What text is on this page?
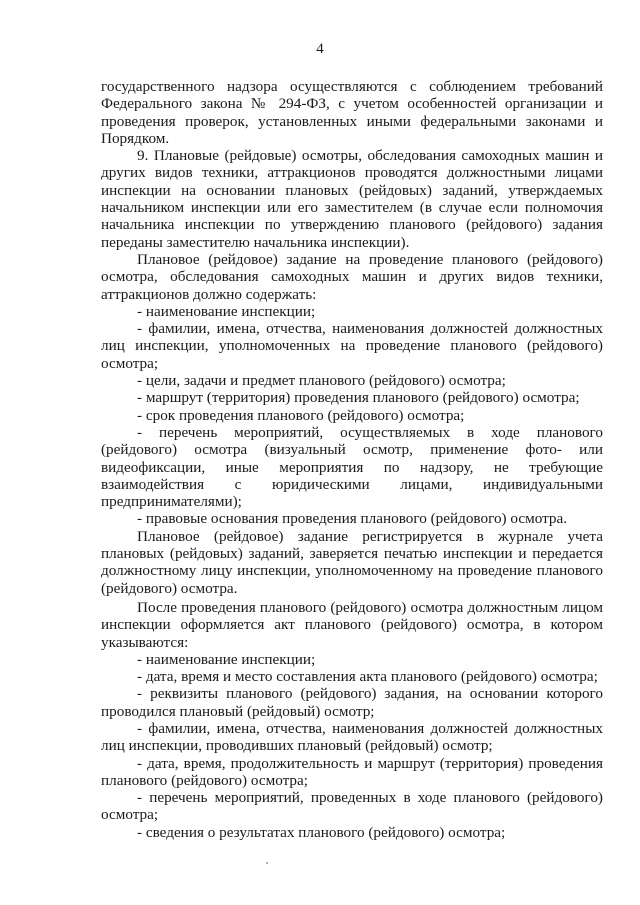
4

государственного надзора осуществляются с соблюдением требований Федерального закона № 294-ФЗ, с учетом особенностей организации и проведения проверок, установленных иными федеральными законами и Порядком.

9. Плановые (рейдовые) осмотры, обследования самоходных машин и других видов техники, аттракционов проводятся должностными лицами инспекции на основании плановых (рейдовых) заданий, утверждаемых начальником инспекции или его заместителем (в случае если полномочия начальника инспекции по утверждению планового (рейдового) задания переданы заместителю начальника инспекции).

Плановое (рейдовое) задание на проведение планового (рейдового) осмотра, обследования самоходных машин и других видов техники, аттракционов должно содержать:

- наименование инспекции;

- фамилии, имена, отчества, наименования должностей должностных лиц инспекции, уполномоченных на проведение планового (рейдового) осмотра;

- цели, задачи и предмет планового (рейдового) осмотра;

- маршрут (территория) проведения планового (рейдового) осмотра;

- срок проведения планового (рейдового) осмотра;

- перечень мероприятий, осуществляемых в ходе планового (рейдового) осмотра (визуальный осмотр, применение фото- или видеофиксации, иные мероприятия по надзору, не требующие взаимодействия с юридическими лицами, индивидуальными предпринимателями);

- правовые основания проведения планового (рейдового) осмотра.

Плановое (рейдовое) задание регистрируется в журнале учета плановых (рейдовых) заданий, заверяется печатью инспекции и передается должностному лицу инспекции, уполномоченному на проведение планового (рейдового) осмотра.

После проведения планового (рейдового) осмотра должностным лицом инспекции оформляется акт планового (рейдового) осмотра, в котором указываются:

- наименование инспекции;

- дата, время и место составления акта планового (рейдового) осмотра;

- реквизиты планового (рейдового) задания, на основании которого проводился плановый (рейдовый) осмотр;

- фамилии, имена, отчества, наименования должностей должностных лиц инспекции, проводивших плановый (рейдовый) осмотр;

- дата, время, продолжительность и маршрут (территория) проведения планового (рейдового) осмотра;

- перечень мероприятий, проведенных в ходе планового (рейдового) осмотра;

- сведения о результатах планового (рейдового) осмотра;
